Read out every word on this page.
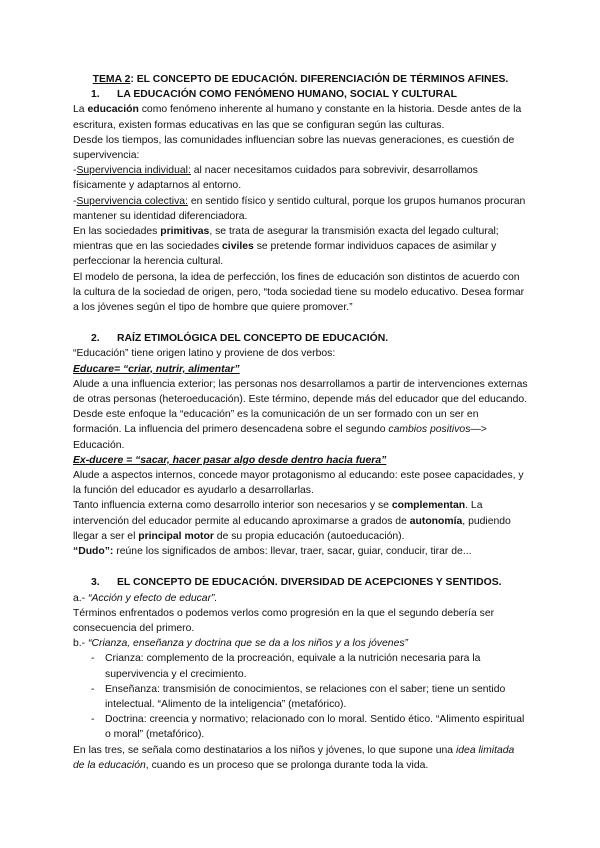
TEMA 2: EL CONCEPTO DE EDUCACIÓN. DIFERENCIACIÓN DE TÉRMINOS AFINES.

1. LA EDUCACIÓN COMO FENÓMENO HUMANO, SOCIAL Y CULTURAL

La educación como fenómeno inherente al humano y constante en la historia. Desde antes de la escritura, existen formas educativas en las que se configuran según las culturas.

Desde los tiempos, las comunidades influencian sobre las nuevas generaciones, es cuestión de supervivencia:

-Supervivencia individual: al nacer necesitamos cuidados para sobrevivir, desarrollamos físicamente y adaptarnos al entorno.

-Supervivencia colectiva: en sentido físico y sentido cultural, porque los grupos humanos procuran mantener su identidad diferenciadora.

En las sociedades primitivas, se trata de asegurar la transmisión exacta del legado cultural; mientras que en las sociedades civiles se pretende formar individuos capaces de asimilar y perfeccionar la herencia cultural.

El modelo de persona, la idea de perfección, los fines de educación son distintos de acuerdo con la cultura de la sociedad de origen, pero, “toda sociedad tiene su modelo educativo. Desea formar a los jóvenes según el tipo de hombre que quiere promover.”

2. RAÍZ ETIMOLÓGICA DEL CONCEPTO DE EDUCACIÓN.

“Educación” tiene origen latino y proviene de dos verbos:

Educare= “criar, nutrir, alimentar”

Alude a una influencia exterior; las personas nos desarrollamos a partir de intervenciones externas de otras personas (heteroeducación). Este término, depende más del educador que del educando.

Desde este enfoque la “educación” es la comunicación de un ser formado con un ser en formación. La influencia del primero desencadena sobre el segundo cambios positivos—> Educación.

Ex-ducere = “sacar, hacer pasar algo desde dentro hacia fuera”

Alude a aspectos internos, concede mayor protagonismo al educando: este posee capacidades, y la función del educador es ayudarlo a desarrollarlas.

Tanto influencia externa como desarrollo interior son necesarios y se complementan. La intervención del educador permite al educando aproximarse a grados de autonomía, pudiendo llegar a ser el principal motor de su propia educación (autoeducación).

“Dudo”: reúne los significados de ambos: llevar, traer, sacar, guiar, conducir, tirar de...

3. EL CONCEPTO DE EDUCACIÓN. DIVERSIDAD DE ACEPCIONES Y SENTIDOS.

a.- “Acción y efecto de educar”.

Términos enfrentados o podemos verlos como progresión en la que el segundo debería ser consecuencia del primero.

b.- “Crianza, enseñanza y doctrina que se da a los niños y a los jóvenes”

- Crianza: complemento de la procreación, equivale a la nutrición necesaria para la supervivencia y el crecimiento.
- Enseñanza: transmisión de conocimientos, se relaciones con el saber; tiene un sentido intelectual. “Alimento de la inteligencia” (metafórico).
- Doctrina: creencia y normativo; relacionado con lo moral. Sentido ético. “Alimento espiritual o moral” (metafórico).

En las tres, se señala como destinatarios a los niños y jóvenes, lo que supone una idea limitada de la educación, cuando es un proceso que se prolonga durante toda la vida.
